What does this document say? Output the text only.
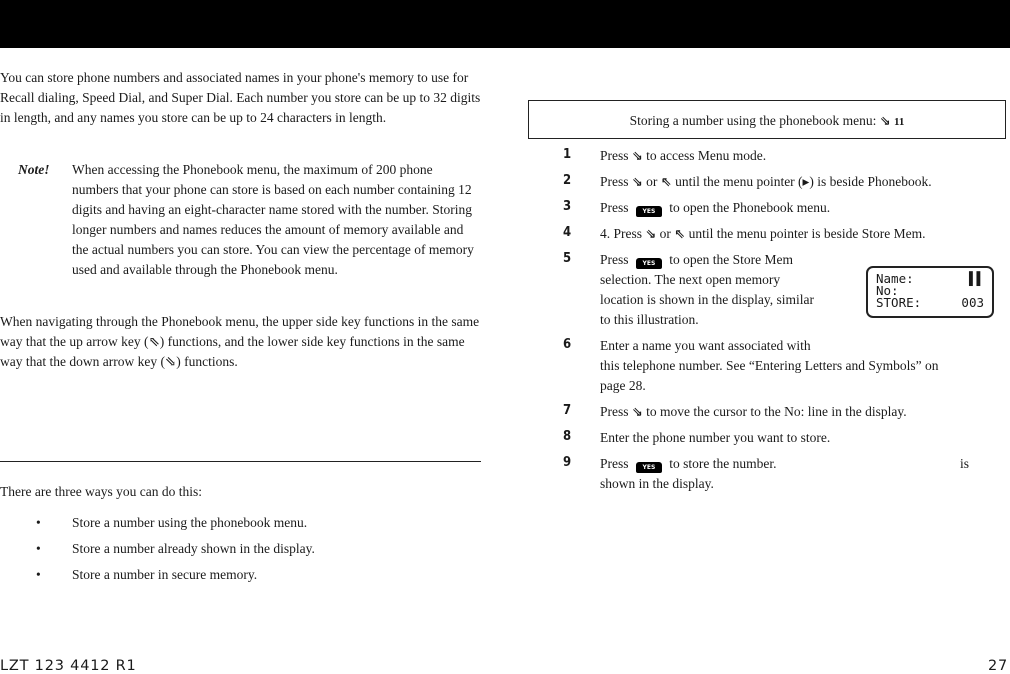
You can store phone numbers and associated names in your phone's memory to use for Recall dialing, Speed Dial, and Super Dial. Each number you store can be up to 32 digits in length, and any names you store can be up to 24 characters in length.

Note! When accessing the Phonebook menu, the maximum of 200 phone numbers that your phone can store is based on each number containing 12 digits and having an eight-character name stored with the number. Storing longer numbers and names reduces the amount of memory available and the actual numbers you can store. You can view the percentage of memory used and available through the Phonebook menu.

When navigating through the Phonebook menu, the upper side key functions in the same way that the up arrow key (⇖) functions, and the lower side key functions in the same way that the down arrow key (⇘) functions.

There are three ways you can do this:

• Store a number using the phonebook menu.
• Store a number already shown in the display.
• Store a number in secure memory.
Storing a number using the phonebook menu: ⇘ 11
1 Press ⇘ to access Menu mode.
2 Press ⇘ or ⇖ until the menu pointer (▸) is beside Phonebook.
3 Press YES to open the Phonebook menu.
4 4. Press ⇘ or ⇖ until the menu pointer is beside Store Mem.
5 Press YES to open the Store Mem
selection. The next open memory
location is shown in the display, similar
to this illustration.
Name:	▌▌
No:
STORE:	003
6 Enter a name you want associated with
this telephone number. See “Entering Letters and Symbols” on
page 28.
7 Press ⇘ to move the cursor to the No: line in the display.
8 Enter the phone number you want to store.
9 Press YES to store the number.	is
shown in the display.
LZT 123 4412 R1	27
